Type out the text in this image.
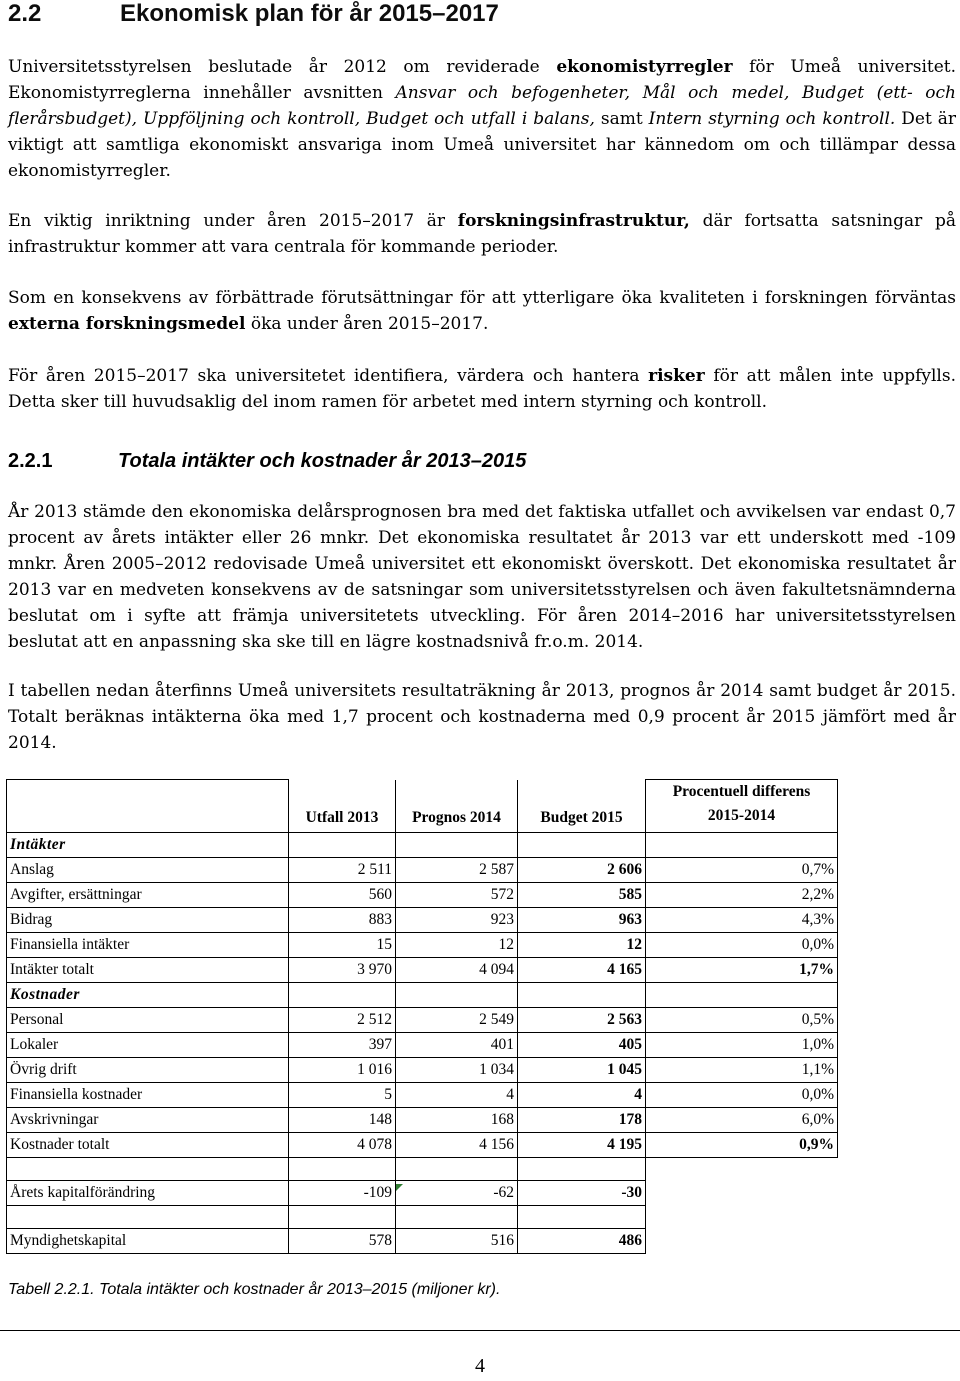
2.2	Ekonomisk plan för år 2015–2017

Universitetsstyrelsen beslutade år 2012 om reviderade ekonomistyrregler för Umeå universitet. Ekonomistyrreglerna innehåller avsnitten Ansvar och befogenheter, Mål och medel, Budget (ett- och flerårsbudget), Uppföljning och kontroll, Budget och utfall i balans, samt Intern styrning och kontroll. Det är viktigt att samtliga ekonomiskt ansvariga inom Umeå universitet har kännedom om och tillämpar dessa ekonomistyrregler.

En viktig inriktning under åren 2015–2017 är forskningsinfrastruktur, där fortsatta satsningar på infrastruktur kommer att vara centrala för kommande perioder.

Som en konsekvens av förbättrade förutsättningar för att ytterligare öka kvaliteten i forskningen förväntas externa forskningsmedel öka under åren 2015–2017.

För åren 2015–2017 ska universitetet identifiera, värdera och hantera risker för att målen inte uppfylls. Detta sker till huvudsaklig del inom ramen för arbetet med intern styrning och kontroll.

2.2.1	Totala intäkter och kostnader år 2013–2015

År 2013 stämde den ekonomiska delårsprognosen bra med det faktiska utfallet och avvikelsen var endast 0,7 procent av årets intäkter eller 26 mnkr. Det ekonomiska resultatet år 2013 var ett underskott med -109 mnkr. Åren 2005–2012 redovisade Umeå universitet ett ekonomiskt överskott. Det ekonomiska resultatet år 2013 var en medveten konsekvens av de satsningar som universitetsstyrelsen och även fakultetsnämnderna beslutat om i syfte att främja universitetets utveckling. För åren 2014–2016 har universitetsstyrelsen beslutat att en anpassning ska ske till en lägre kostnadsnivå fr.o.m. 2014.

I tabellen nedan återfinns Umeå universitets resultaträkning år 2013, prognos år 2014 samt budget år 2015. Totalt beräknas intäkterna öka med 1,7 procent och kostnaderna med 0,9 procent år 2015 jämfört med år 2014.

	Utfall 2013	Prognos 2014	Budget 2015	Procentuell differens
2015-2014

Intäkter				
Anslag	2 511	2 587	2 606	0,7%
Avgifter, ersättningar	560	572	585	2,2%
Bidrag	883	923	963	4,3%
Finansiella intäkter	15	12	12	0,0%
Intäkter totalt	3 970	4 094	4 165	1,7%
Kostnader				
Personal	2 512	2 549	2 563	0,5%
Lokaler	397	401	405	1,0%
Övrig drift	1 016	1 034	1 045	1,1%
Finansiella kostnader	5	4	4	0,0%
Avskrivningar	148	168	178	6,0%
Kostnader totalt	4 078	4 156	4 195	0,9%

Årets kapitalförändring	-109	-62	-30	

Myndighetskapital	578	516	486	
Tabell 2.2.1. Totala intäkter och kostnader år 2013–2015 (miljoner kr).
4
